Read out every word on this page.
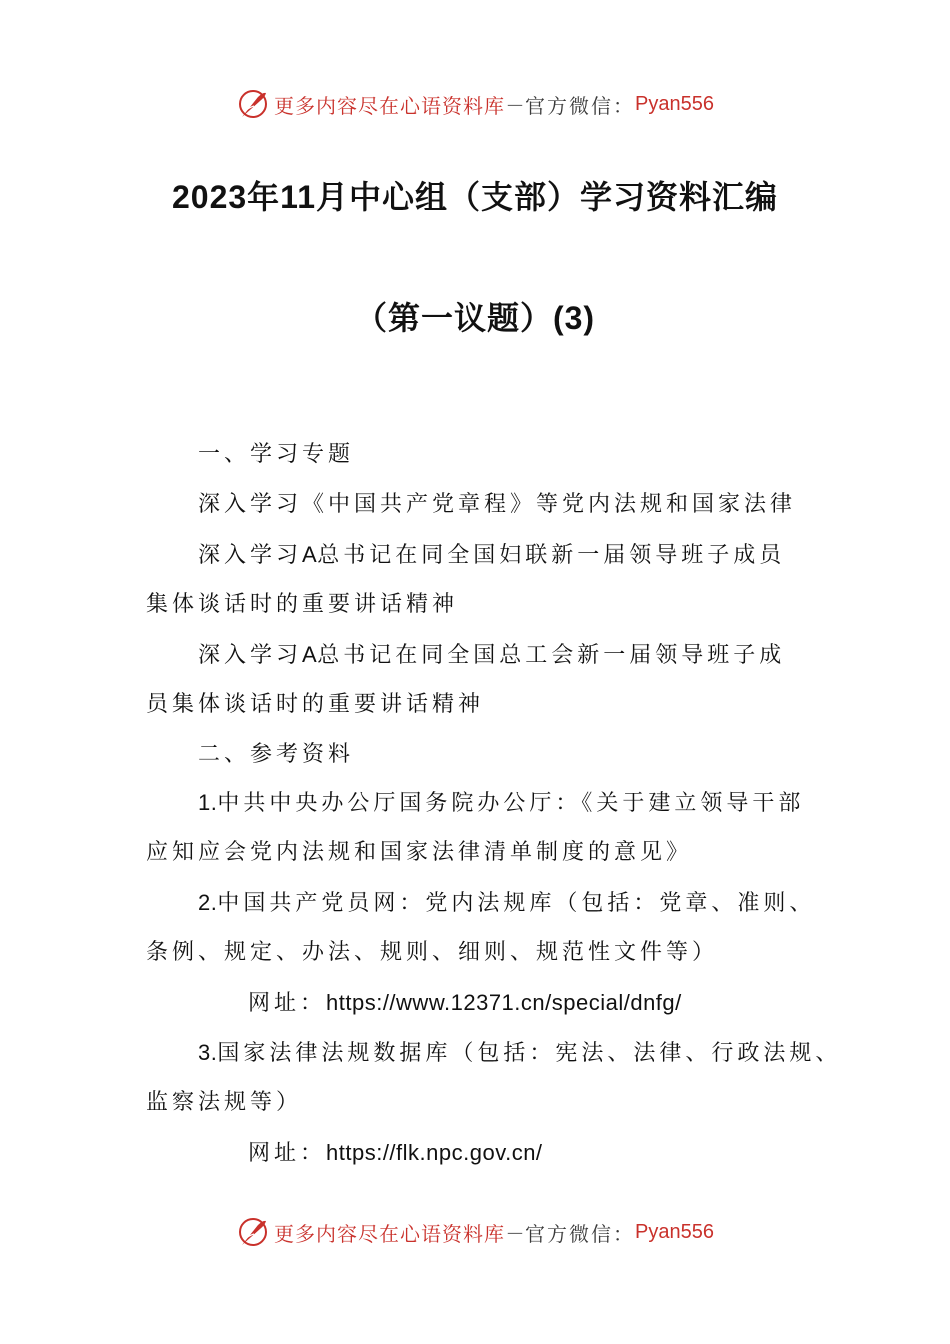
更多内容尽在心语资料库 — 官方微信： Pyan556
2023年11月中心组（支部）学习资料汇编
（第一议题）(3)
一、学习专题
深入学习《中国共产党章程》等党内法规和国家法律
深入学习A总书记在同全国妇联新一届领导班子成员
集体谈话时的重要讲话精神
深入学习A总书记在同全国总工会新一届领导班子成
员集体谈话时的重要讲话精神
二、参考资料
1.中共中央办公厅国务院办公厅：《关于建立领导干部
应知应会党内法规和国家法律清单制度的意见》
2.中国共产党员网：党内法规库（包括：党章、准则、
条例、规定、办法、规则、细则、规范性文件等）
网址：https://www.12371.cn/special/dnfg/
3.国家法律法规数据库（包括：宪法、法律、行政法规、
监察法规等）
网址：https://flk.npc.gov.cn/
更多内容尽在心语资料库 — 官方微信： Pyan556
